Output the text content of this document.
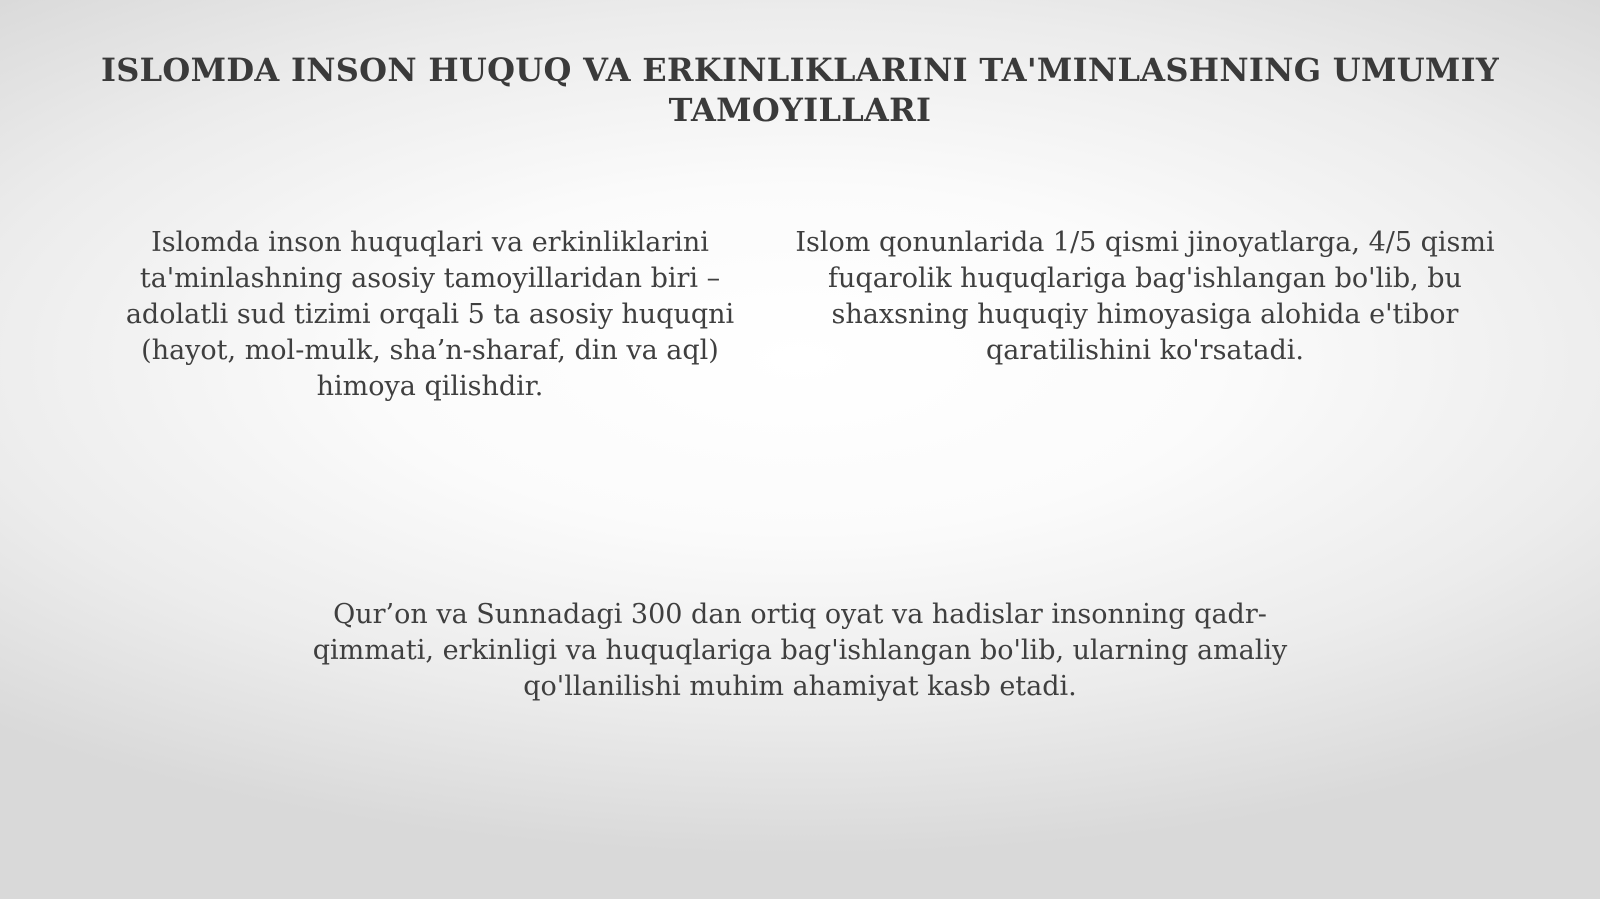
ISLOMDA INSON HUQUQ VA ERKINLIKLARINI TA'MINLASHNING UMUMIY TAMOYILLARI

Islomda inson huquqlari va erkinliklarini ta'minlashning asosiy tamoyillaridan biri – adolatli sud tizimi orqali 5 ta asosiy huquqni (hayot, mol-mulk, sha’n-sharaf, din va aql) himoya qilishdir.

Islom qonunlarida 1/5 qismi jinoyatlarga, 4/5 qismi fuqarolik huquqlariga bag'ishlangan bo'lib, bu shaxsning huquqiy himoyasiga alohida e'tibor qaratilishini ko'rsatadi.

Qur’on va Sunnadagi 300 dan ortiq oyat va hadislar insonning qadr-qimmati, erkinligi va huquqlariga bag'ishlangan bo'lib, ularning amaliy qo'llanilishi muhim ahamiyat kasb etadi.
